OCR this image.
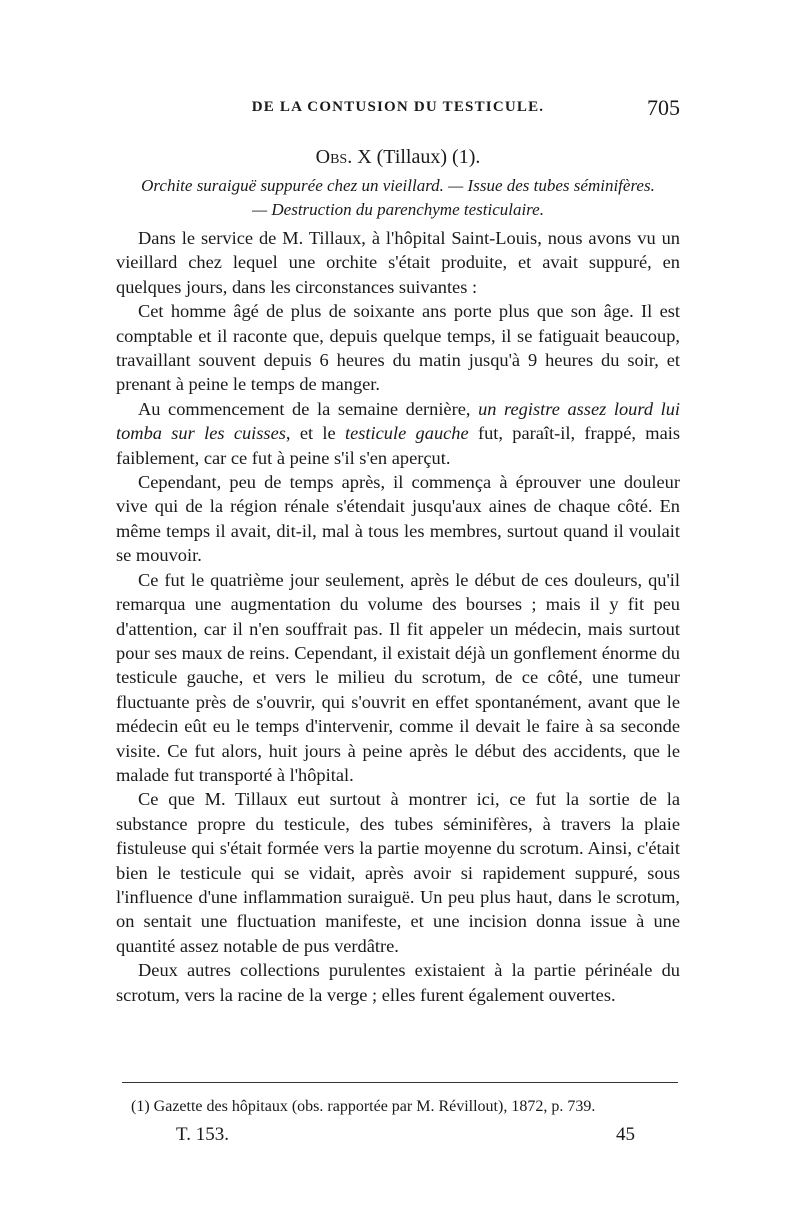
DE LA CONTUSION DU TESTICULE.	705
Obs. X (Tillaux) (1).
Orchite suraiguë suppurée chez un vieillard. — Issue des tubes séminifères.
— Destruction du parenchyme testiculaire.

Dans le service de M. Tillaux, à l'hôpital Saint-Louis, nous avons vu un vieillard chez lequel une orchite s'était produite, et avait suppuré, en quelques jours, dans les circonstances suivantes :

Cet homme âgé de plus de soixante ans porte plus que son âge. Il est comptable et il raconte que, depuis quelque temps, il se fatiguait beaucoup, travaillant souvent depuis 6 heures du matin jusqu'à 9 heures du soir, et prenant à peine le temps de manger.

Au commencement de la semaine dernière, un registre assez lourd lui tomba sur les cuisses, et le testicule gauche fut, paraît-il, frappé, mais faiblement, car ce fut à peine s'il s'en aperçut.

Cependant, peu de temps après, il commença à éprouver une douleur vive qui de la région rénale s'étendait jusqu'aux aines de chaque côté. En même temps il avait, dit-il, mal à tous les membres, surtout quand il voulait se mouvoir.

Ce fut le quatrième jour seulement, après le début de ces douleurs, qu'il remarqua une augmentation du volume des bourses ; mais il y fit peu d'attention, car il n'en souffrait pas. Il fit appeler un médecin, mais surtout pour ses maux de reins. Cependant, il existait déjà un gonflement énorme du testicule gauche, et vers le milieu du scrotum, de ce côté, une tumeur fluctuante près de s'ouvrir, qui s'ouvrit en effet spontanément, avant que le médecin eût eu le temps d'intervenir, comme il devait le faire à sa seconde visite. Ce fut alors, huit jours à peine après le début des accidents, que le malade fut transporté à l'hôpital.

Ce que M. Tillaux eut surtout à montrer ici, ce fut la sortie de la substance propre du testicule, des tubes séminifères, à travers la plaie fistuleuse qui s'était formée vers la partie moyenne du scrotum. Ainsi, c'était bien le testicule qui se vidait, après avoir si rapidement suppuré, sous l'influence d'une inflammation suraiguë. Un peu plus haut, dans le scrotum, on sentait une fluctuation manifeste, et une incision donna issue à une quantité assez notable de pus verdâtre.

Deux autres collections purulentes existaient à la partie périnéale du scrotum, vers la racine de la verge ; elles furent également ouvertes.

(1) Gazette des hôpitaux (obs. rapportée par M. Révillout), 1872, p. 739.
T. 153.	45
